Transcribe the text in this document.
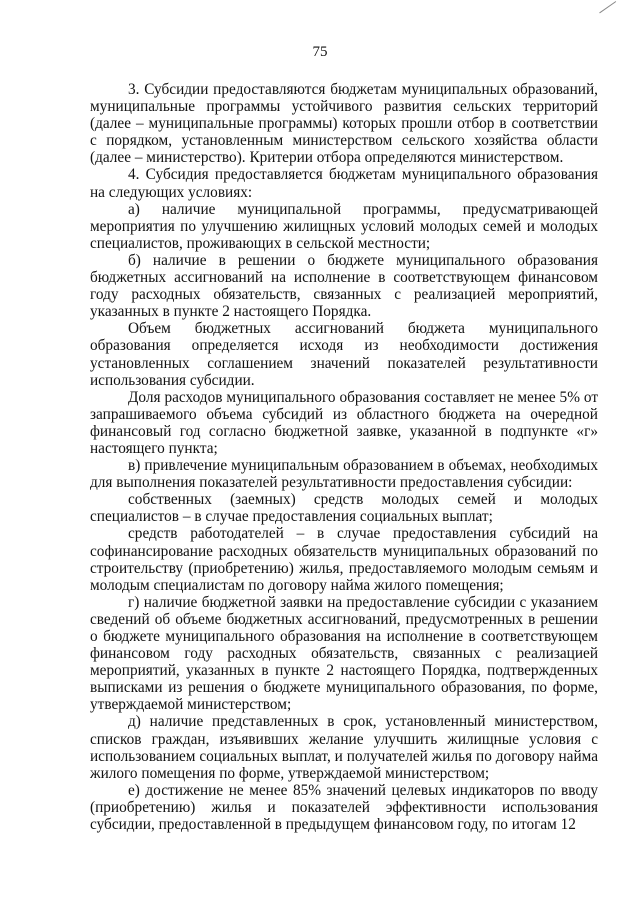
75

3. Субсидии предоставляются бюджетам муниципальных образований, муниципальные программы устойчивого развития сельских территорий (далее – муниципальные программы) которых прошли отбор в соответствии с порядком, установленным министерством сельского хозяйства области (далее – министерство). Критерии отбора определяются министерством.

4. Субсидия предоставляется бюджетам муниципального образования на следующих условиях:

а) наличие муниципальной программы, предусматривающей мероприятия по улучшению жилищных условий молодых семей и молодых специалистов, проживающих в сельской местности;

б) наличие в решении о бюджете муниципального образования бюджетных ассигнований на исполнение в соответствующем финансовом году расходных обязательств, связанных с реализацией мероприятий, указанных в пункте 2 настоящего Порядка.

Объем бюджетных ассигнований бюджета муниципального образования определяется исходя из необходимости достижения установленных соглашением значений показателей результативности использования субсидии.

Доля расходов муниципального образования составляет не менее 5% от запрашиваемого объема субсидий из областного бюджета на очередной финансовый год согласно бюджетной заявке, указанной в подпункте «г» настоящего пункта;

в) привлечение муниципальным образованием в объемах, необходимых для выполнения показателей результативности предоставления субсидии:

собственных (заемных) средств молодых семей и молодых специалистов – в случае предоставления социальных выплат;

средств работодателей – в случае предоставления субсидий на софинансирование расходных обязательств муниципальных образований по строительству (приобретению) жилья, предоставляемого молодым семьям и молодым специалистам по договору найма жилого помещения;

г) наличие бюджетной заявки на предоставление субсидии с указанием сведений об объеме бюджетных ассигнований, предусмотренных в решении о бюджете муниципального образования на исполнение в соответствующем финансовом году расходных обязательств, связанных с реализацией мероприятий, указанных в пункте 2 настоящего Порядка, подтвержденных выписками из решения о бюджете муниципального образования, по форме, утверждаемой министерством;

д) наличие представленных в срок, установленный министерством, списков граждан, изъявивших желание улучшить жилищные условия с использованием социальных выплат, и получателей жилья по договору найма жилого помещения по форме, утверждаемой министерством;

е) достижение не менее 85% значений целевых индикаторов по вводу (приобретению) жилья и показателей эффективности использования субсидии, предоставленной в предыдущем финансовом году, по итогам 12
